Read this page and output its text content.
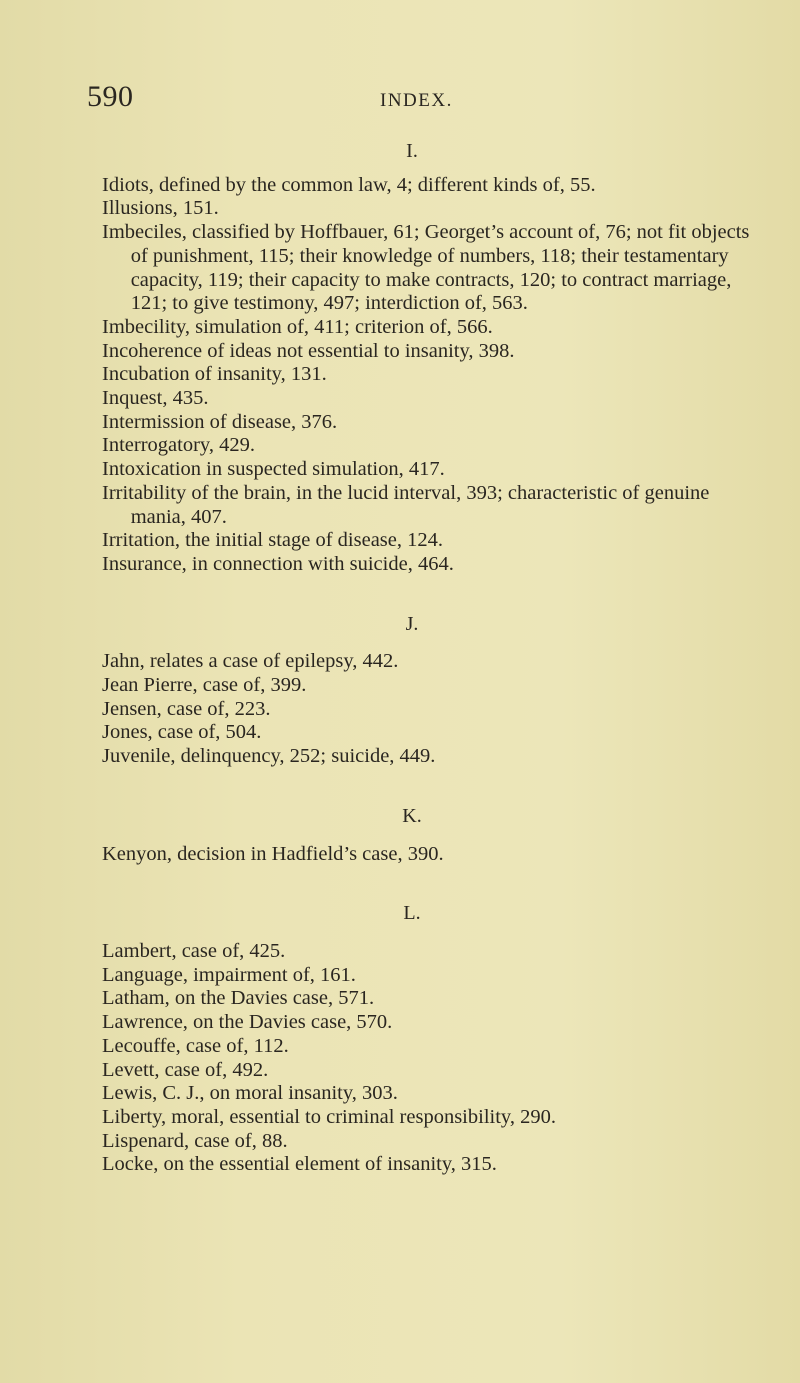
590	INDEX.
I.
Idiots, defined by the common law, 4; different kinds of, 55.
Illusions, 151.
Imbeciles, classified by Hoffbauer, 61; Georget’s account of, 76; not fit objects of punishment, 115; their knowledge of numbers, 118; their testamentary capacity, 119; their capacity to make contracts, 120; to contract marriage, 121; to give testimony, 497; interdiction of, 563.
Imbecility, simulation of, 411; criterion of, 566.
Incoherence of ideas not essential to insanity, 398.
Incubation of insanity, 131.
Inquest, 435.
Intermission of disease, 376.
Interrogatory, 429.
Intoxication in suspected simulation, 417.
Irritability of the brain, in the lucid interval, 393; characteristic of genuine mania, 407.
Irritation, the initial stage of disease, 124.
Insurance, in connection with suicide, 464.
J.
Jahn, relates a case of epilepsy, 442.
Jean Pierre, case of, 399.
Jensen, case of, 223.
Jones, case of, 504.
Juvenile, delinquency, 252; suicide, 449.
K.
Kenyon, decision in Hadfield’s case, 390.
L.
Lambert, case of, 425.
Language, impairment of, 161.
Latham, on the Davies case, 571.
Lawrence, on the Davies case, 570.
Lecouffe, case of, 112.
Levett, case of, 492.
Lewis, C. J., on moral insanity, 303.
Liberty, moral, essential to criminal responsibility, 290.
Lispenard, case of, 88.
Locke, on the essential element of insanity, 315.
